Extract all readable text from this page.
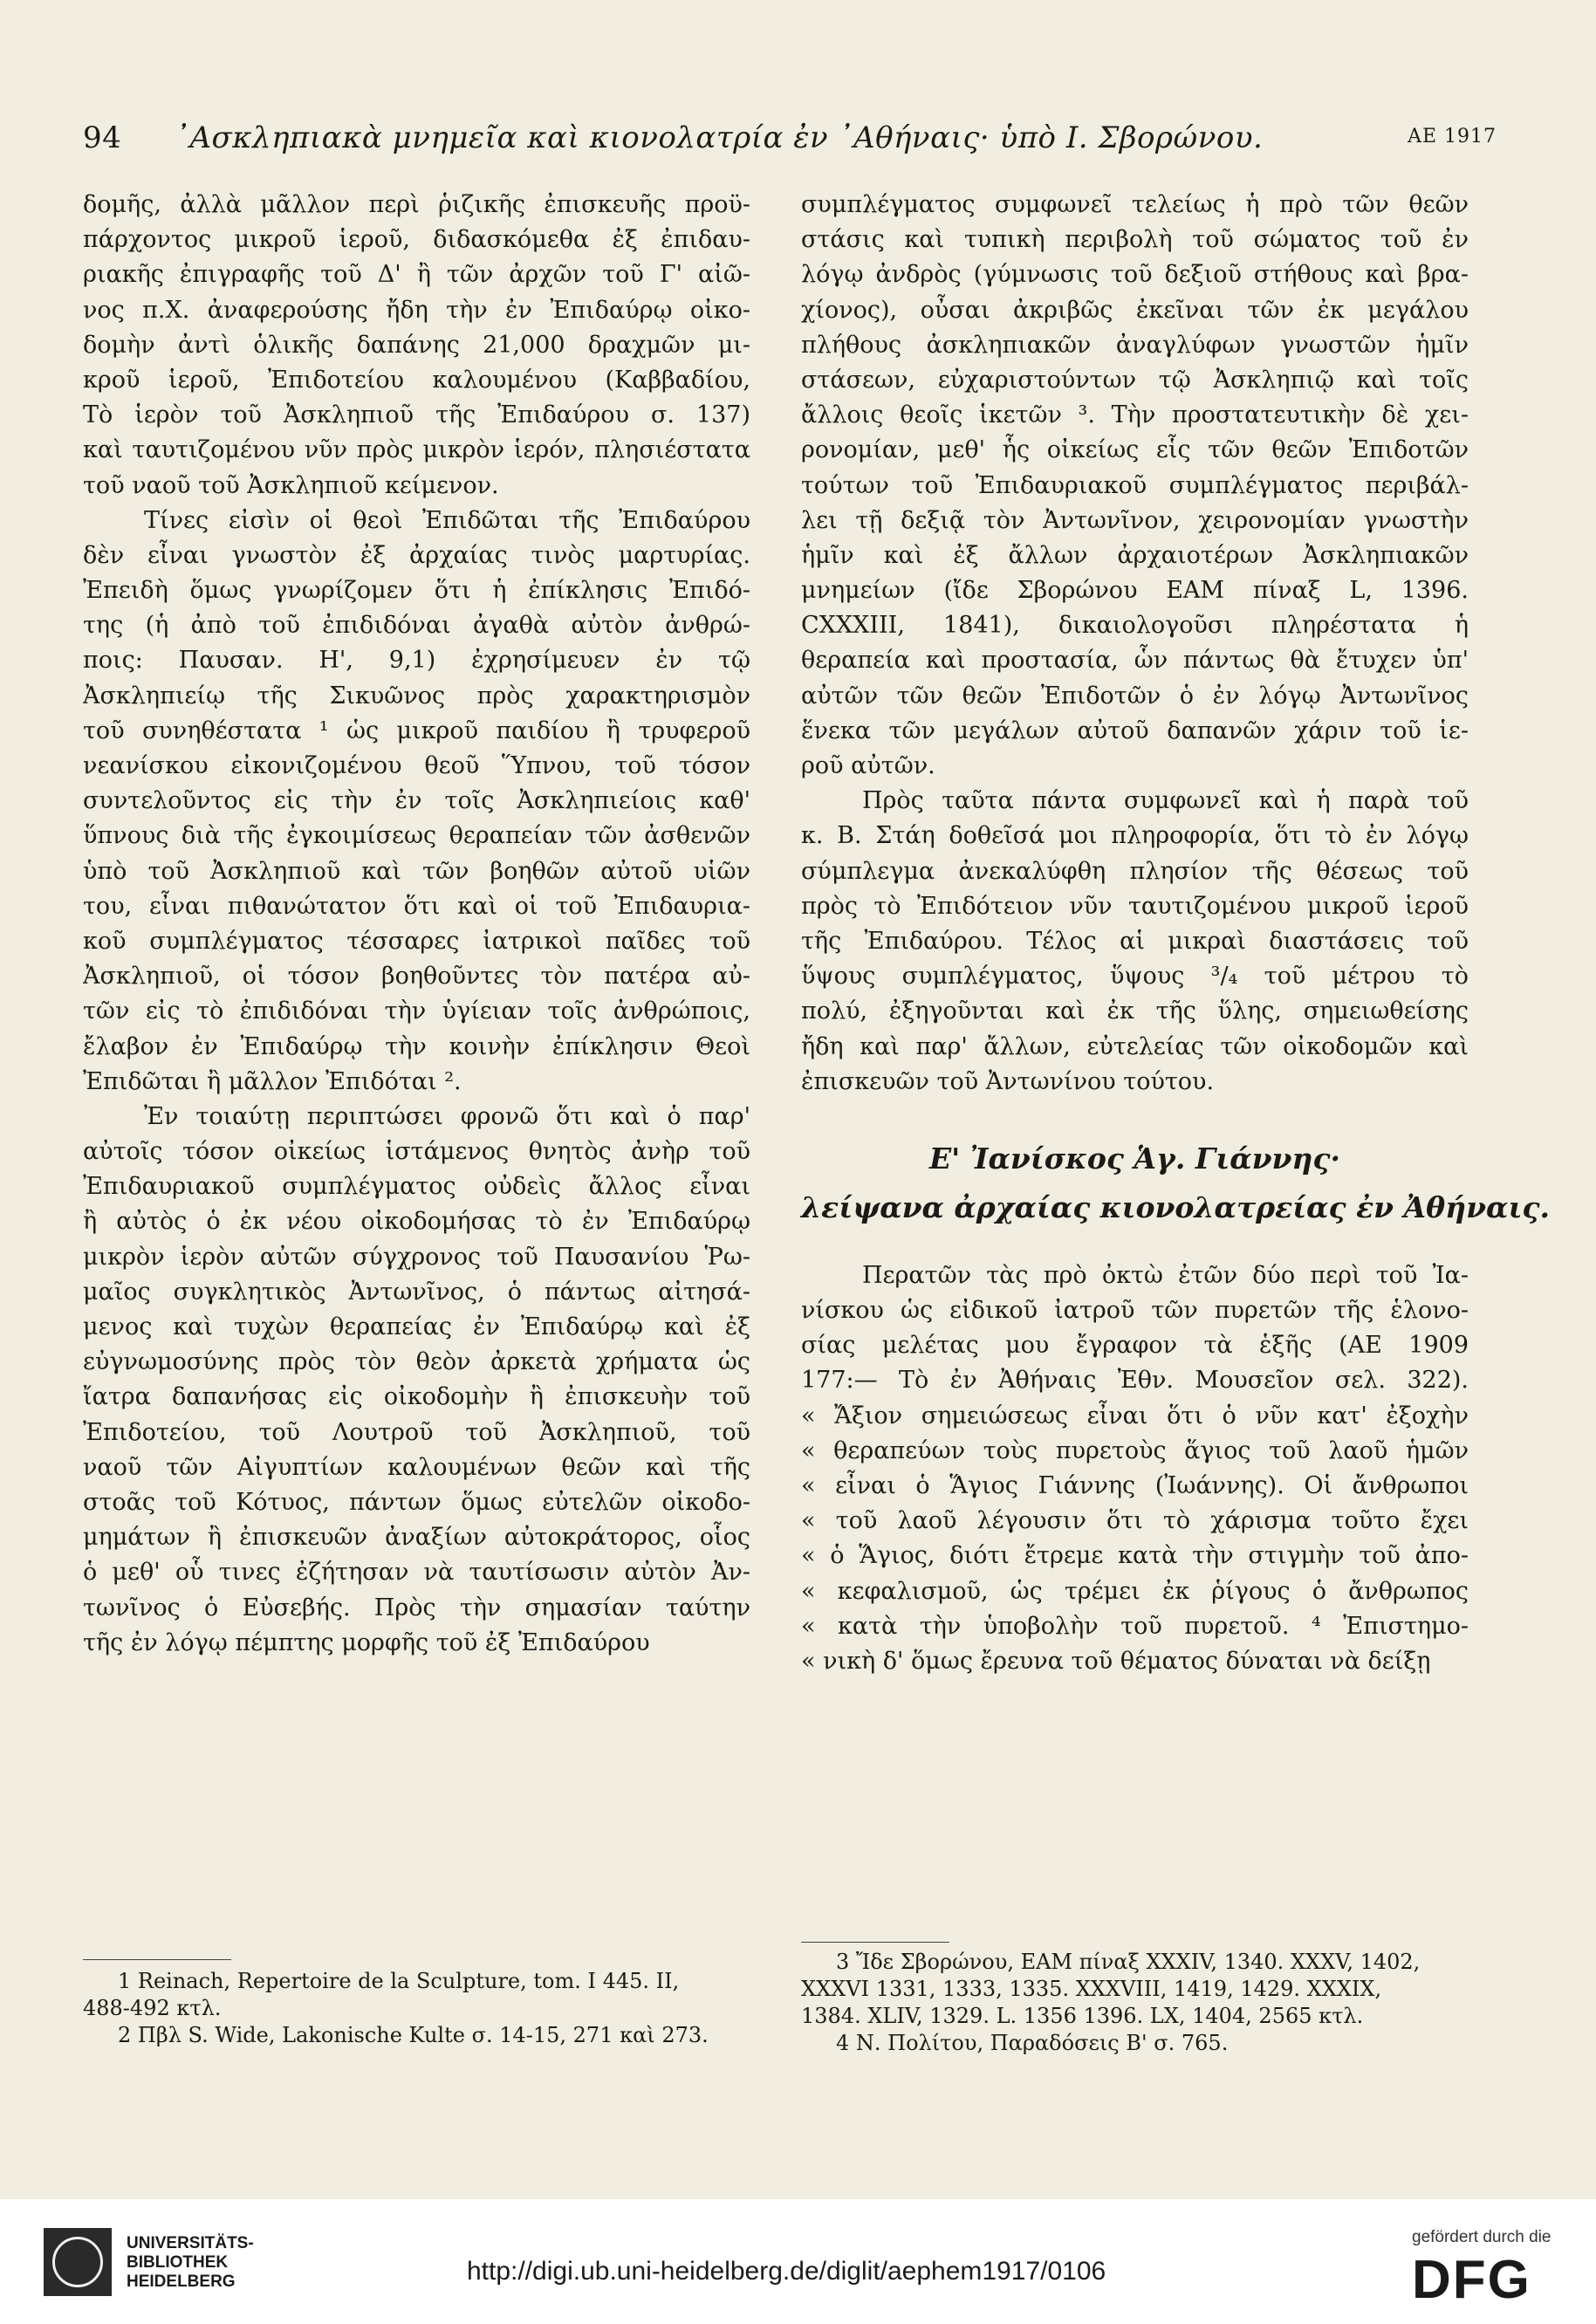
94 ᾿Ασκληπιακὰ μνημεῖα καὶ κιονολατρία ἐν ᾿Αθήναις· ὑπὸ Ι. Σβορώνου.	ΑΕ 1917
δομῆς, ἀλλὰ μᾶλλον περὶ ῥιζικῆς ἐπισκευῆς προϋ-
πάρχοντος μικροῦ ἱεροῦ, διδασκόμεθα ἐξ ἐπιδαυ-
ριακῆς ἐπιγραφῆς τοῦ Δ' ἢ τῶν ἀρχῶν τοῦ Γ' αἰῶ-
νος π.Χ. ἀναφερούσης ἤδη τὴν ἐν Ἐπιδαύρῳ οἰκο-
δομὴν ἀντὶ ὁλικῆς δαπάνης 21,000 δραχμῶν μι-
κροῦ ἱεροῦ, Ἐπιδοτείου καλουμένου (Καββαδίου,
Τὸ ἱερὸν τοῦ Ἀσκληπιοῦ τῆς Ἐπιδαύρου σ. 137)
καὶ ταυτιζομένου νῦν πρὸς μικρὸν ἱερόν, πλησιέστατα
τοῦ ναοῦ τοῦ Ἀσκληπιοῦ κείμενον.
Τίνες εἰσὶν οἱ θεοὶ Ἐπιδῶται τῆς Ἐπιδαύρου
δὲν εἶναι γνωστὸν ἐξ ἀρχαίας τινὸς μαρτυρίας.
Ἐπειδὴ ὅμως γνωρίζομεν ὅτι ἡ ἐπίκλησις Ἐπιδό-
της (ἡ ἀπὸ τοῦ ἐπιδιδόναι ἀγαθὰ αὐτὸν ἀνθρώ-
ποις: Παυσαν. Η', 9,1) ἐχρησίμευεν ἐν τῷ
Ἀσκληπιείῳ τῆς Σικυῶνος πρὸς χαρακτηρισμὸν
τοῦ συνηθέστατα ¹ ὡς μικροῦ παιδίου ἢ τρυφεροῦ
νεανίσκου εἰκονιζομένου θεοῦ Ὕπνου, τοῦ τόσον
συντελοῦντος εἰς τὴν ἐν τοῖς Ἀσκληπιείοις καθ'
ὕπνους διὰ τῆς ἐγκοιμίσεως θεραπείαν τῶν ἀσθενῶν
ὑπὸ τοῦ Ἀσκληπιοῦ καὶ τῶν βοηθῶν αὐτοῦ υἱῶν
του, εἶναι πιθανώτατον ὅτι καὶ οἱ τοῦ Ἐπιδαυρια-
κοῦ συμπλέγματος τέσσαρες ἰατρικοὶ παῖδες τοῦ
Ἀσκληπιοῦ, οἱ τόσον βοηθοῦντες τὸν πατέρα αὐ-
τῶν εἰς τὸ ἐπιδιδόναι τὴν ὑγίειαν τοῖς ἀνθρώποις,
ἔλαβον ἐν Ἐπιδαύρῳ τὴν κοινὴν ἐπίκλησιν Θεοὶ
Ἐπιδῶται ἢ μᾶλλον Ἐπιδόται ².
Ἐν τοιαύτῃ περιπτώσει φρονῶ ὅτι καὶ ὁ παρ'
αὐτοῖς τόσον οἰκείως ἱστάμενος θνητὸς ἀνὴρ τοῦ
Ἐπιδαυριακοῦ συμπλέγματος οὐδεὶς ἄλλος εἶναι
ἢ αὐτὸς ὁ ἐκ νέου οἰκοδομήσας τὸ ἐν Ἐπιδαύρῳ
μικρὸν ἱερὸν αὐτῶν σύγχρονος τοῦ Παυσανίου Ῥω-
μαῖος συγκλητικὸς Ἀντωνῖνος, ὁ πάντως αἰτησά-
μενος καὶ τυχὼν θεραπείας ἐν Ἐπιδαύρῳ καὶ ἐξ
εὐγνωμοσύνης πρὸς τὸν θεὸν ἀρκετὰ χρήματα ὡς
ἴατρα δαπανήσας εἰς οἰκοδομὴν ἢ ἐπισκευὴν τοῦ
Ἐπιδοτείου, τοῦ Λουτροῦ τοῦ Ἀσκληπιοῦ, τοῦ
ναοῦ τῶν Αἰγυπτίων καλουμένων θεῶν καὶ τῆς
στοᾶς τοῦ Κότυος, πάντων ὅμως εὐτελῶν οἰκοδο-
μημάτων ἢ ἐπισκευῶν ἀναξίων αὐτοκράτορος, οἷος
ὁ μεθ' οὗ τινες ἐζήτησαν νὰ ταυτίσωσιν αὐτὸν Ἀν-
τωνῖνος ὁ Εὐσεβής. Πρὸς τὴν σημασίαν ταύτην
τῆς ἐν λόγῳ πέμπτης μορφῆς τοῦ ἐξ Ἐπιδαύρου
συμπλέγματος συμφωνεῖ τελείως ἡ πρὸ τῶν θεῶν
στάσις καὶ τυπικὴ περιβολὴ τοῦ σώματος τοῦ ἐν
λόγῳ ἀνδρὸς (γύμνωσις τοῦ δεξιοῦ στήθους καὶ βρα-
χίονος), οὖσαι ἀκριβῶς ἐκεῖναι τῶν ἐκ μεγάλου
πλήθους ἀσκληπιακῶν ἀναγλύφων γνωστῶν ἡμῖν
στάσεων, εὐχαριστούντων τῷ Ἀσκληπιῷ καὶ τοῖς
ἄλλοις θεοῖς ἱκετῶν ³. Τὴν προστατευτικὴν δὲ χει-
ρονομίαν, μεθ' ἧς οἰκείως εἷς τῶν θεῶν Ἐπιδοτῶν
τούτων τοῦ Ἐπιδαυριακοῦ συμπλέγματος περιβάλ-
λει τῇ δεξιᾷ τὸν Ἀντωνῖνον, χειρονομίαν γνωστὴν
ἡμῖν καὶ ἐξ ἄλλων ἀρχαιοτέρων Ἀσκληπιακῶν
μνημείων (ἴδε Σβορώνου ΕΑΜ πίναξ L, 1396.
CXXXIII, 1841), δικαιολογοῦσι πληρέστατα ἡ
θεραπεία καὶ προστασία, ὧν πάντως θὰ ἔτυχεν ὑπ'
αὐτῶν τῶν θεῶν Ἐπιδοτῶν ὁ ἐν λόγῳ Ἀντωνῖνος
ἕνεκα τῶν μεγάλων αὐτοῦ δαπανῶν χάριν τοῦ ἱε-
ροῦ αὐτῶν.
Πρὸς ταῦτα πάντα συμφωνεῖ καὶ ἡ παρὰ τοῦ
κ. Β. Στάη δοθεῖσά μοι πληροφορία, ὅτι τὸ ἐν λόγῳ
σύμπλεγμα ἀνεκαλύφθη πλησίον τῆς θέσεως τοῦ
πρὸς τὸ Ἐπιδότειον νῦν ταυτιζομένου μικροῦ ἱεροῦ
τῆς Ἐπιδαύρου. Τέλος αἱ μικραὶ διαστάσεις τοῦ
ὕψους συμπλέγματος, ὕψους ³/₄ τοῦ μέτρου τὸ
πολύ, ἐξηγοῦνται καὶ ἐκ τῆς ὕλης, σημειωθείσης
ἤδη καὶ παρ' ἄλλων, εὐτελείας τῶν οἰκοδομῶν καὶ
ἐπισκευῶν τοῦ Ἀντωνίνου τούτου.
Ε' Ἰανίσκος Ἁγ. Γιάννης·
λείψανα ἀρχαίας κιονολατρείας ἐν Ἀθήναις.
Περατῶν τὰς πρὸ ὀκτὼ ἐτῶν δύο περὶ τοῦ Ἰα-
νίσκου ὡς εἰδικοῦ ἰατροῦ τῶν πυρετῶν τῆς ἑλονο-
σίας μελέτας μου ἔγραφον τὰ ἑξῆς (ΑΕ 1909
177:— Τὸ ἐν Ἀθήναις Ἐθν. Μουσεῖον σελ. 322).
« Ἄξιον σημειώσεως εἶναι ὅτι ὁ νῦν κατ' ἐξοχὴν
« θεραπεύων τοὺς πυρετοὺς ἅγιος τοῦ λαοῦ ἡμῶν
« εἶναι ὁ Ἅγιος Γιάννης (Ἰωάννης). Οἱ ἄνθρωποι
« τοῦ λαοῦ λέγουσιν ὅτι τὸ χάρισμα τοῦτο ἔχει
« ὁ Ἅγιος, διότι ἔτρεμε κατὰ τὴν στιγμὴν τοῦ ἀπο-
« κεφαλισμοῦ, ὡς τρέμει ἐκ ῥίγους ὁ ἄνθρωπος
« κατὰ τὴν ὑποβολὴν τοῦ πυρετοῦ. ⁴ Ἐπιστημο-
« νικὴ δ' ὅμως ἔρευνα τοῦ θέματος δύναται νὰ δείξῃ
1 Reinach, Repertoire de la Sculpture, tom. I 445. II,
488-492 κτλ.
2 Πβλ S. Wide, Lakonische Kulte σ. 14-15, 271 καὶ 273.
3 Ἴδε Σβορώνου, ΕΑΜ πίναξ XXXIV, 1340. XXXV, 1402,
XXXVI 1331, 1333, 1335. XXXVIII, 1419, 1429. XXXIX,
1384. XLIV, 1329. L. 1356 1396. LX, 1404, 2565 κτλ.
4 Ν. Πολίτου, Παραδόσεις Β' σ. 765.
UNIVERSITÄTS-
BIBLIOTHEK
HEIDELBERG	http://digi.ub.uni-heidelberg.de/diglit/aephem1917/0106
gefördert durch die
DFG
